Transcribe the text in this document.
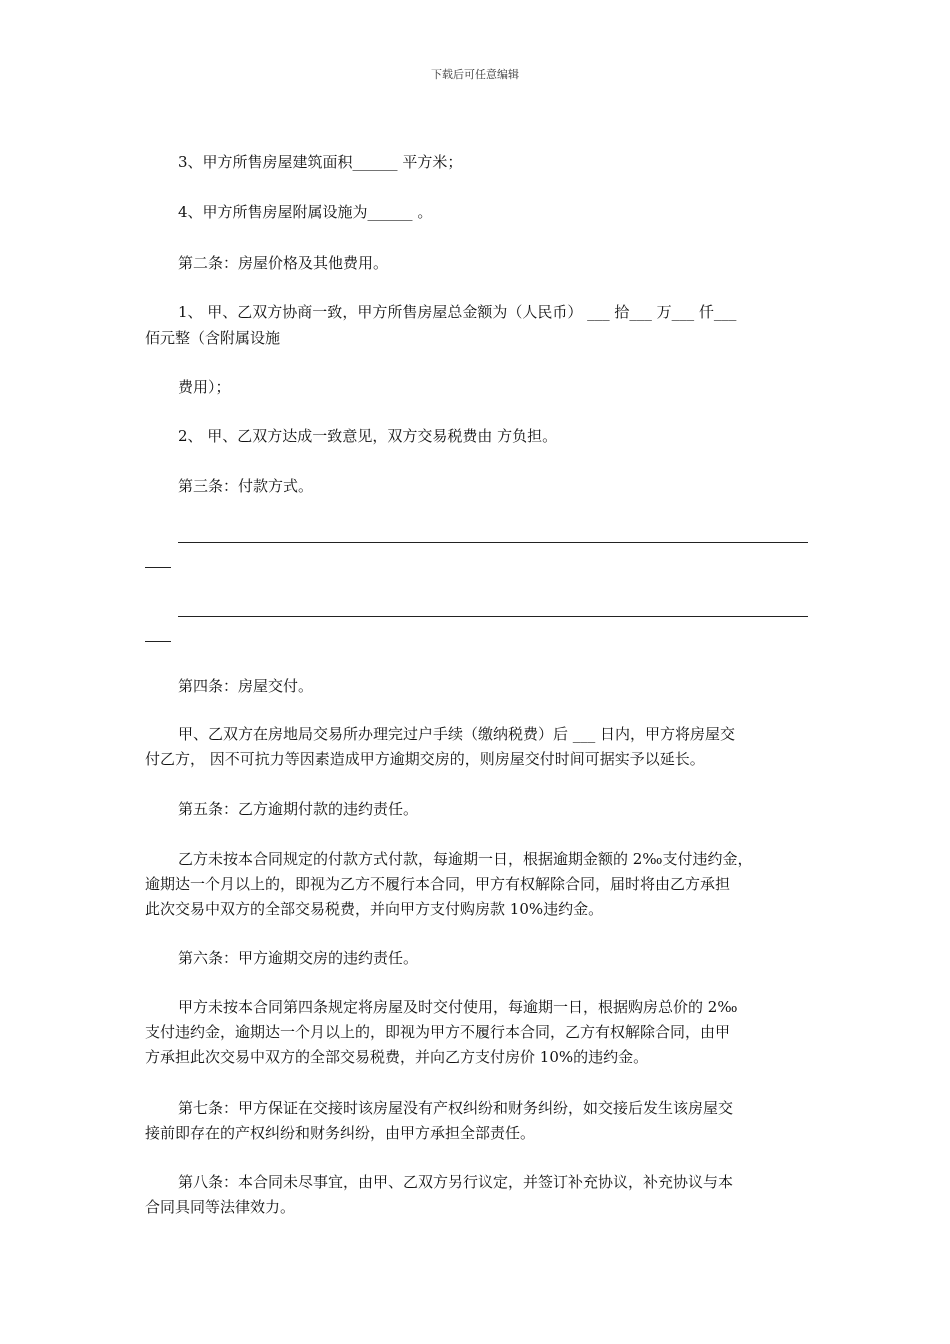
下载后可任意编辑
3、甲方所售房屋建筑面积______ 平方米；
4、甲方所售房屋附属设施为______ 。
第二条：房屋价格及其他费用。
1、 甲、乙双方协商一致，甲方所售房屋总金额为（人民币） ___ 拾___ 万___ 仟___
佰元整（含附属设施
费用）；
2、 甲、乙双方达成一致意见，双方交易税费由 方负担。
第三条：付款方式。
第四条：房屋交付。
甲、乙双方在房地局交易所办理完过户手续（缴纳税费）后 ___ 日内，甲方将房屋交
付乙方， 因不可抗力等因素造成甲方逾期交房的，则房屋交付时间可据实予以延长。
第五条：乙方逾期付款的违约责任。
乙方未按本合同规定的付款方式付款，每逾期一日，根据逾期金额的 2‰支付违约金，
逾期达一个月以上的，即视为乙方不履行本合同，甲方有权解除合同，届时将由乙方承担
此次交易中双方的全部交易税费，并向甲方支付购房款 10%违约金。
第六条：甲方逾期交房的违约责任。
甲方未按本合同第四条规定将房屋及时交付使用，每逾期一日，根据购房总价的 2‰
支付违约金，逾期达一个月以上的，即视为甲方不履行本合同，乙方有权解除合同，由甲
方承担此次交易中双方的全部交易税费，并向乙方支付房价 10%的违约金。
第七条：甲方保证在交接时该房屋没有产权纠纷和财务纠纷，如交接后发生该房屋交
接前即存在的产权纠纷和财务纠纷，由甲方承担全部责任。
第八条：本合同未尽事宜，由甲、乙双方另行议定，并签订补充协议，补充协议与本
合同具同等法律效力。
